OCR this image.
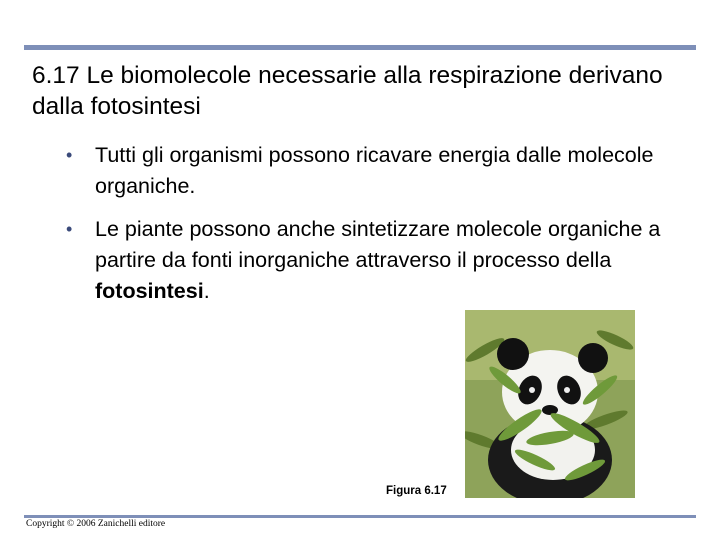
6.17 Le biomolecole necessarie alla respirazione derivano dalla fotosintesi
• Tutti gli organismi possono ricavare energia dalle molecole organiche.
• Le piante possono anche sintetizzare molecole organiche a partire da fonti inorganiche attraverso il processo della fotosintesi.
Figura 6.17
Copyright © 2006 Zanichelli editore
